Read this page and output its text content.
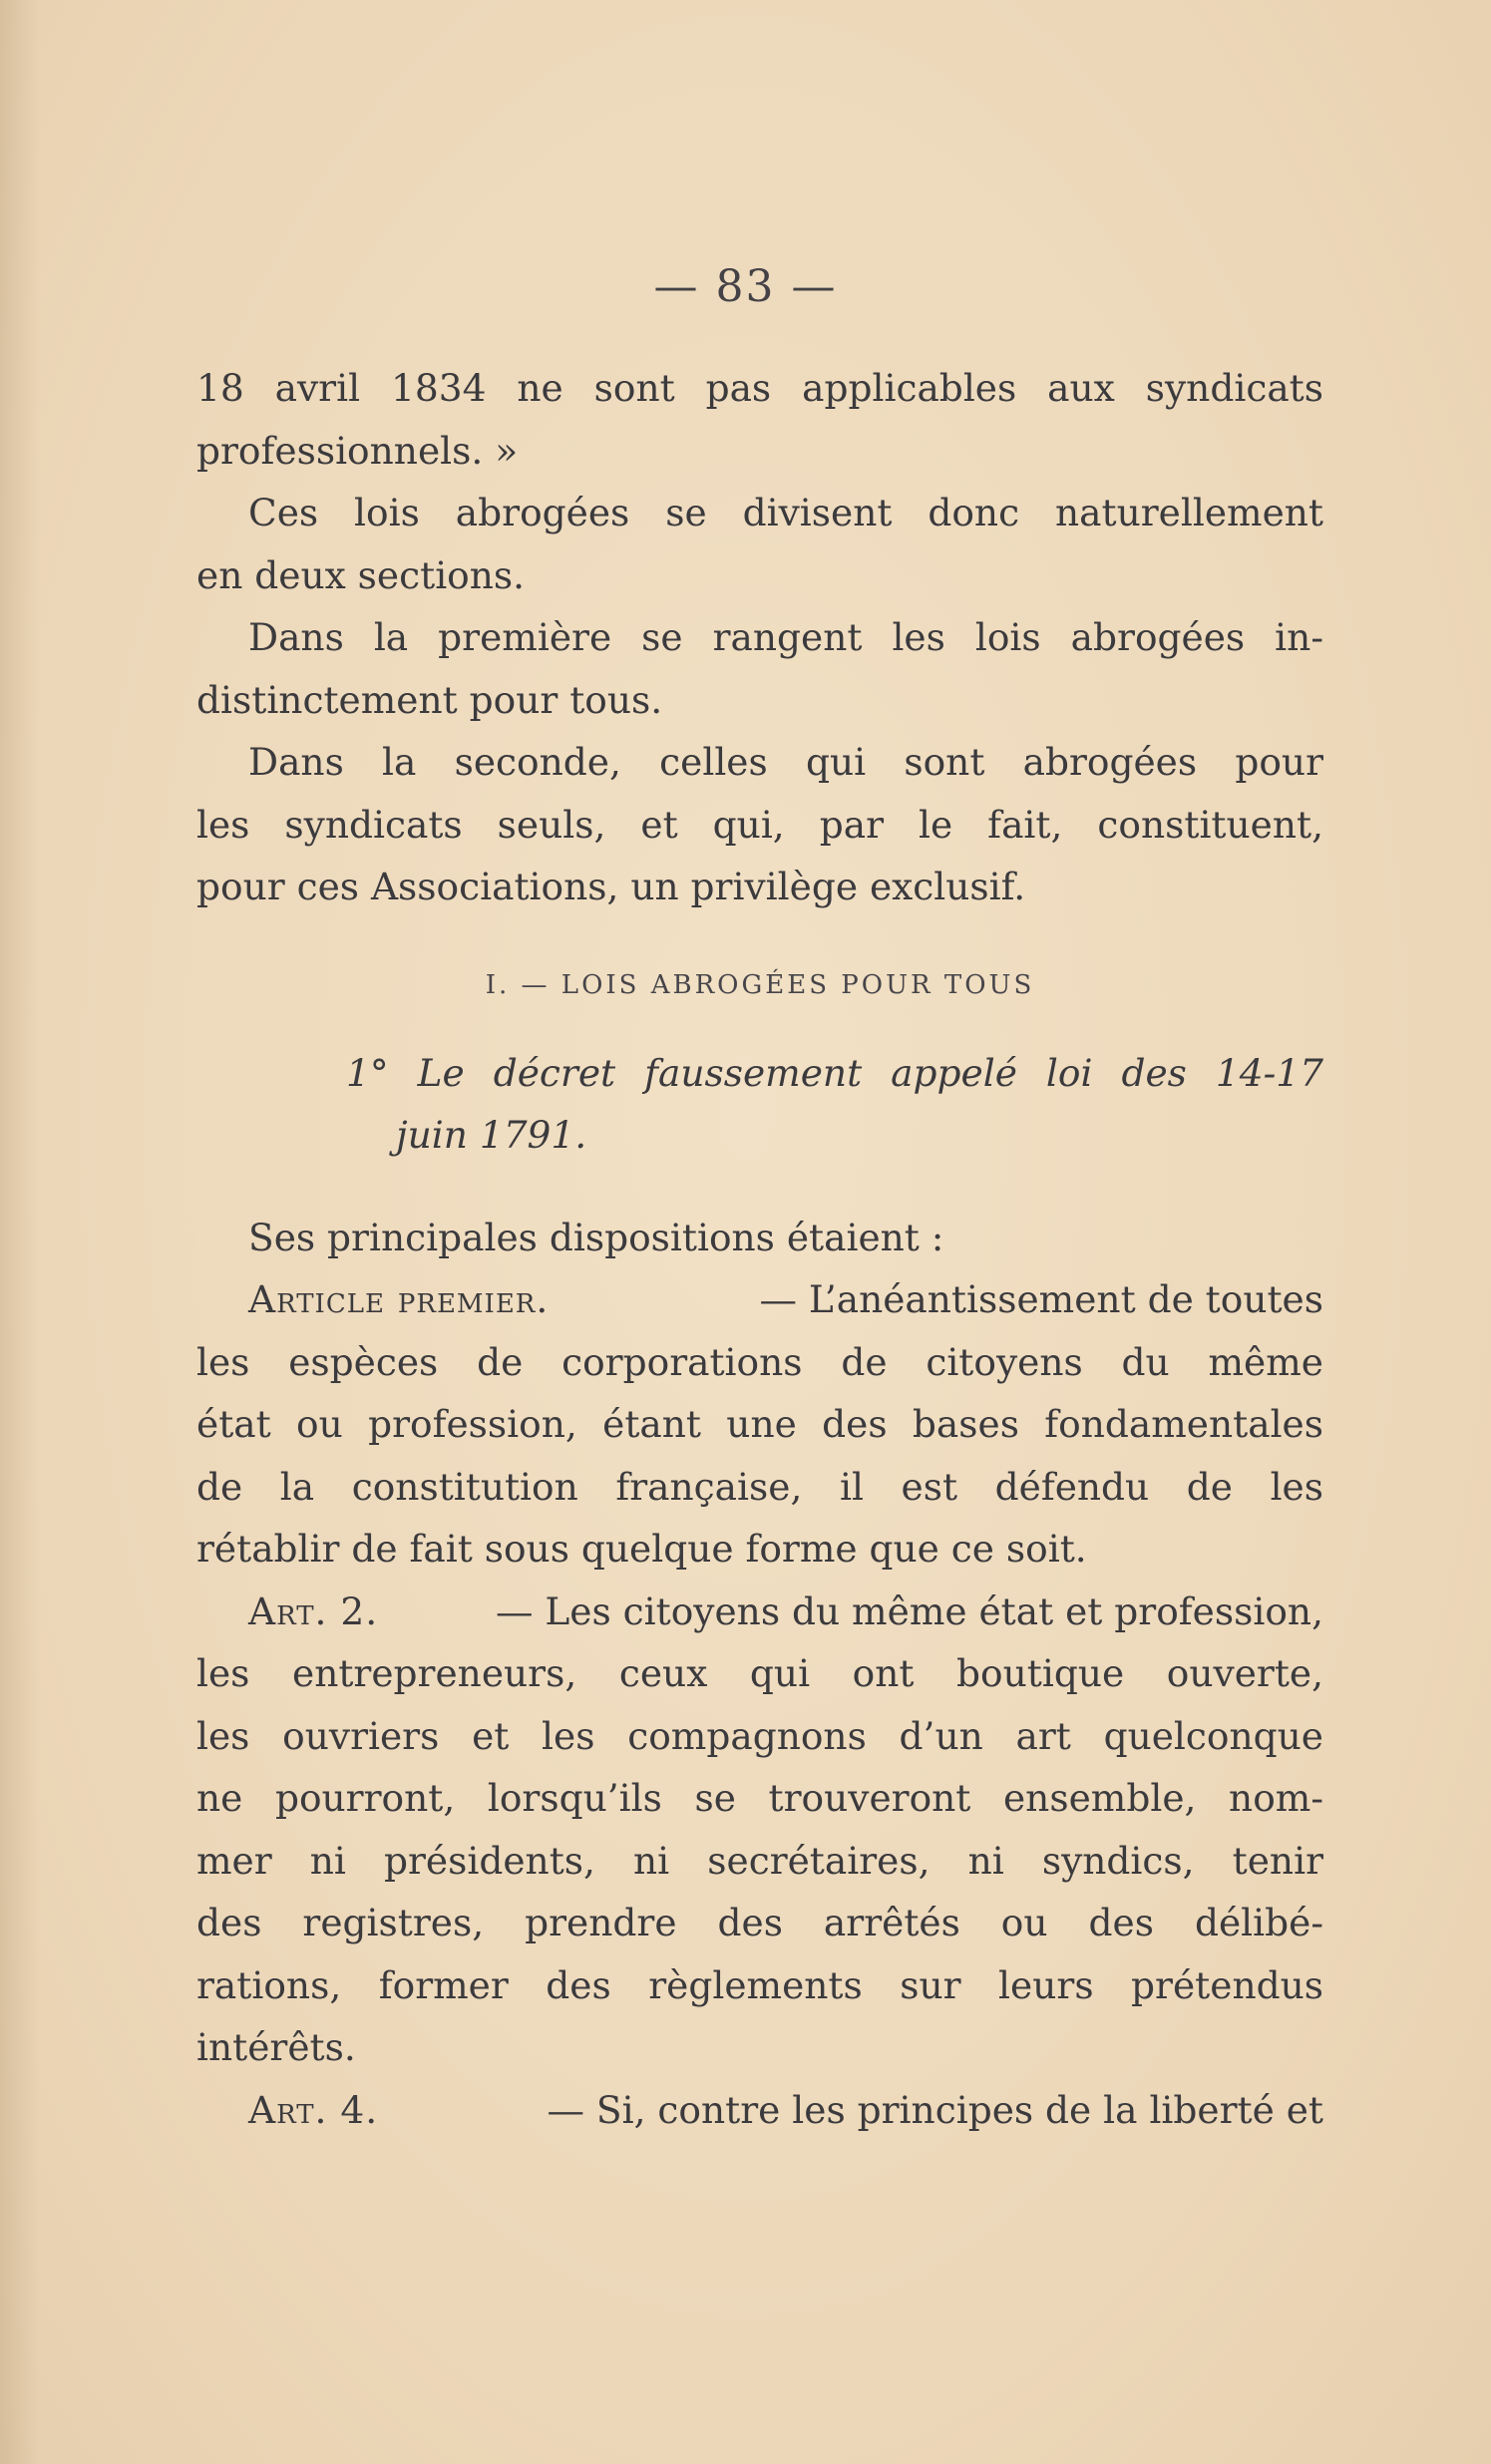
— 83 —
18 avril 1834 ne sont pas applicables aux syndicats
professionnels. »
Ces lois abrogées se divisent donc naturellement
en deux sections.
Dans la première se rangent les lois abrogées in-
distinctement pour tous.
Dans la seconde, celles qui sont abrogées pour
les syndicats seuls, et qui, par le fait, constituent,
pour ces Associations, un privilège exclusif.
I. — LOIS ABROGÉES POUR TOUS
1° Le décret faussement appelé loi des 14-17
juin 1791.
Ses principales dispositions étaient :
Article premier.	— L’anéantissement de toutes
les espèces de corporations de citoyens du même
état ou profession, étant une des bases fondamentales
de la constitution française, il est défendu de les
rétablir de fait sous quelque forme que ce soit.
Art. 2.	— Les citoyens du même état et profession,
les entrepreneurs, ceux qui ont boutique ouverte,
les ouvriers et les compagnons d’un art quelconque
ne pourront, lorsqu’ils se trouveront ensemble, nom-
mer ni présidents, ni secrétaires, ni syndics, tenir
des registres, prendre des arrêtés ou des délibé-
rations, former des règlements sur leurs prétendus
intérêts.
Art. 4.	— Si, contre les principes de la liberté et
